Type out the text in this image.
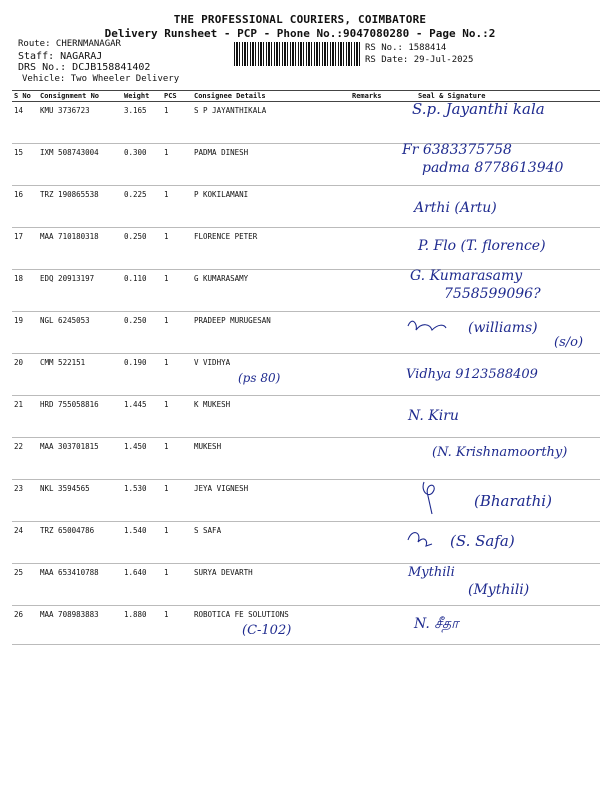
THE PROFESSIONAL COURIERS, COIMBATORE
Delivery Runsheet - PCP - Phone No.:9047080280 - Page No.:2
Route: CHERNMANAGAR
Staff: NAGARAJ
DRS No.: DCJB158841402
Vehicle: Two Wheeler Delivery
RS No.: 1588414
RS Date: 29-Jul-2025
S No	Consignment No	Weight	PCS	Consignee Details	Remarks	Seal & Signature
14	KMU 3736723	3.165	1	S P JAYANTHIKALA		S.p. Jayanthi kala

15	IXM 508743004	0.300	1	PADMA DINESH		Fr 6383375758
padma 8778613940

16	TRZ 190865538	0.225	1	P KOKILAMANI		Arthi (Artu)

17	MAA 710180318	0.250	1	FLORENCE PETER		P. Flo (T. florence)

18	EDQ 20913197	0.110	1	G KUMARASAMY		G. Kumarasamy
7558599096?

19	NGL 6245053	0.250	1	PRADEEP MURUGESAN		(williams)
(s/o)

20	CMM 522151	0.190	1	V VIDHYA
(ps 80)		Vidhya 9123588409

21	HRD 755058816	1.445	1	K MUKESH		N. Kiru

22	MAA 303701815	1.450	1	MUKESH		(N. Krishnamoorthy)

23	NKL 3594565	1.530	1	JEYA VIGNESH		(Bharathi)

24	TRZ 65004786	1.540	1	S SAFA		(S. Safa)

25	MAA 653410788	1.640	1	SURYA DEVARTH		Mythili
(Mythili)

26	MAA 708983883	1.880	1	ROBOTICA FE SOLUTIONS
(C-102)		N. சீதா
